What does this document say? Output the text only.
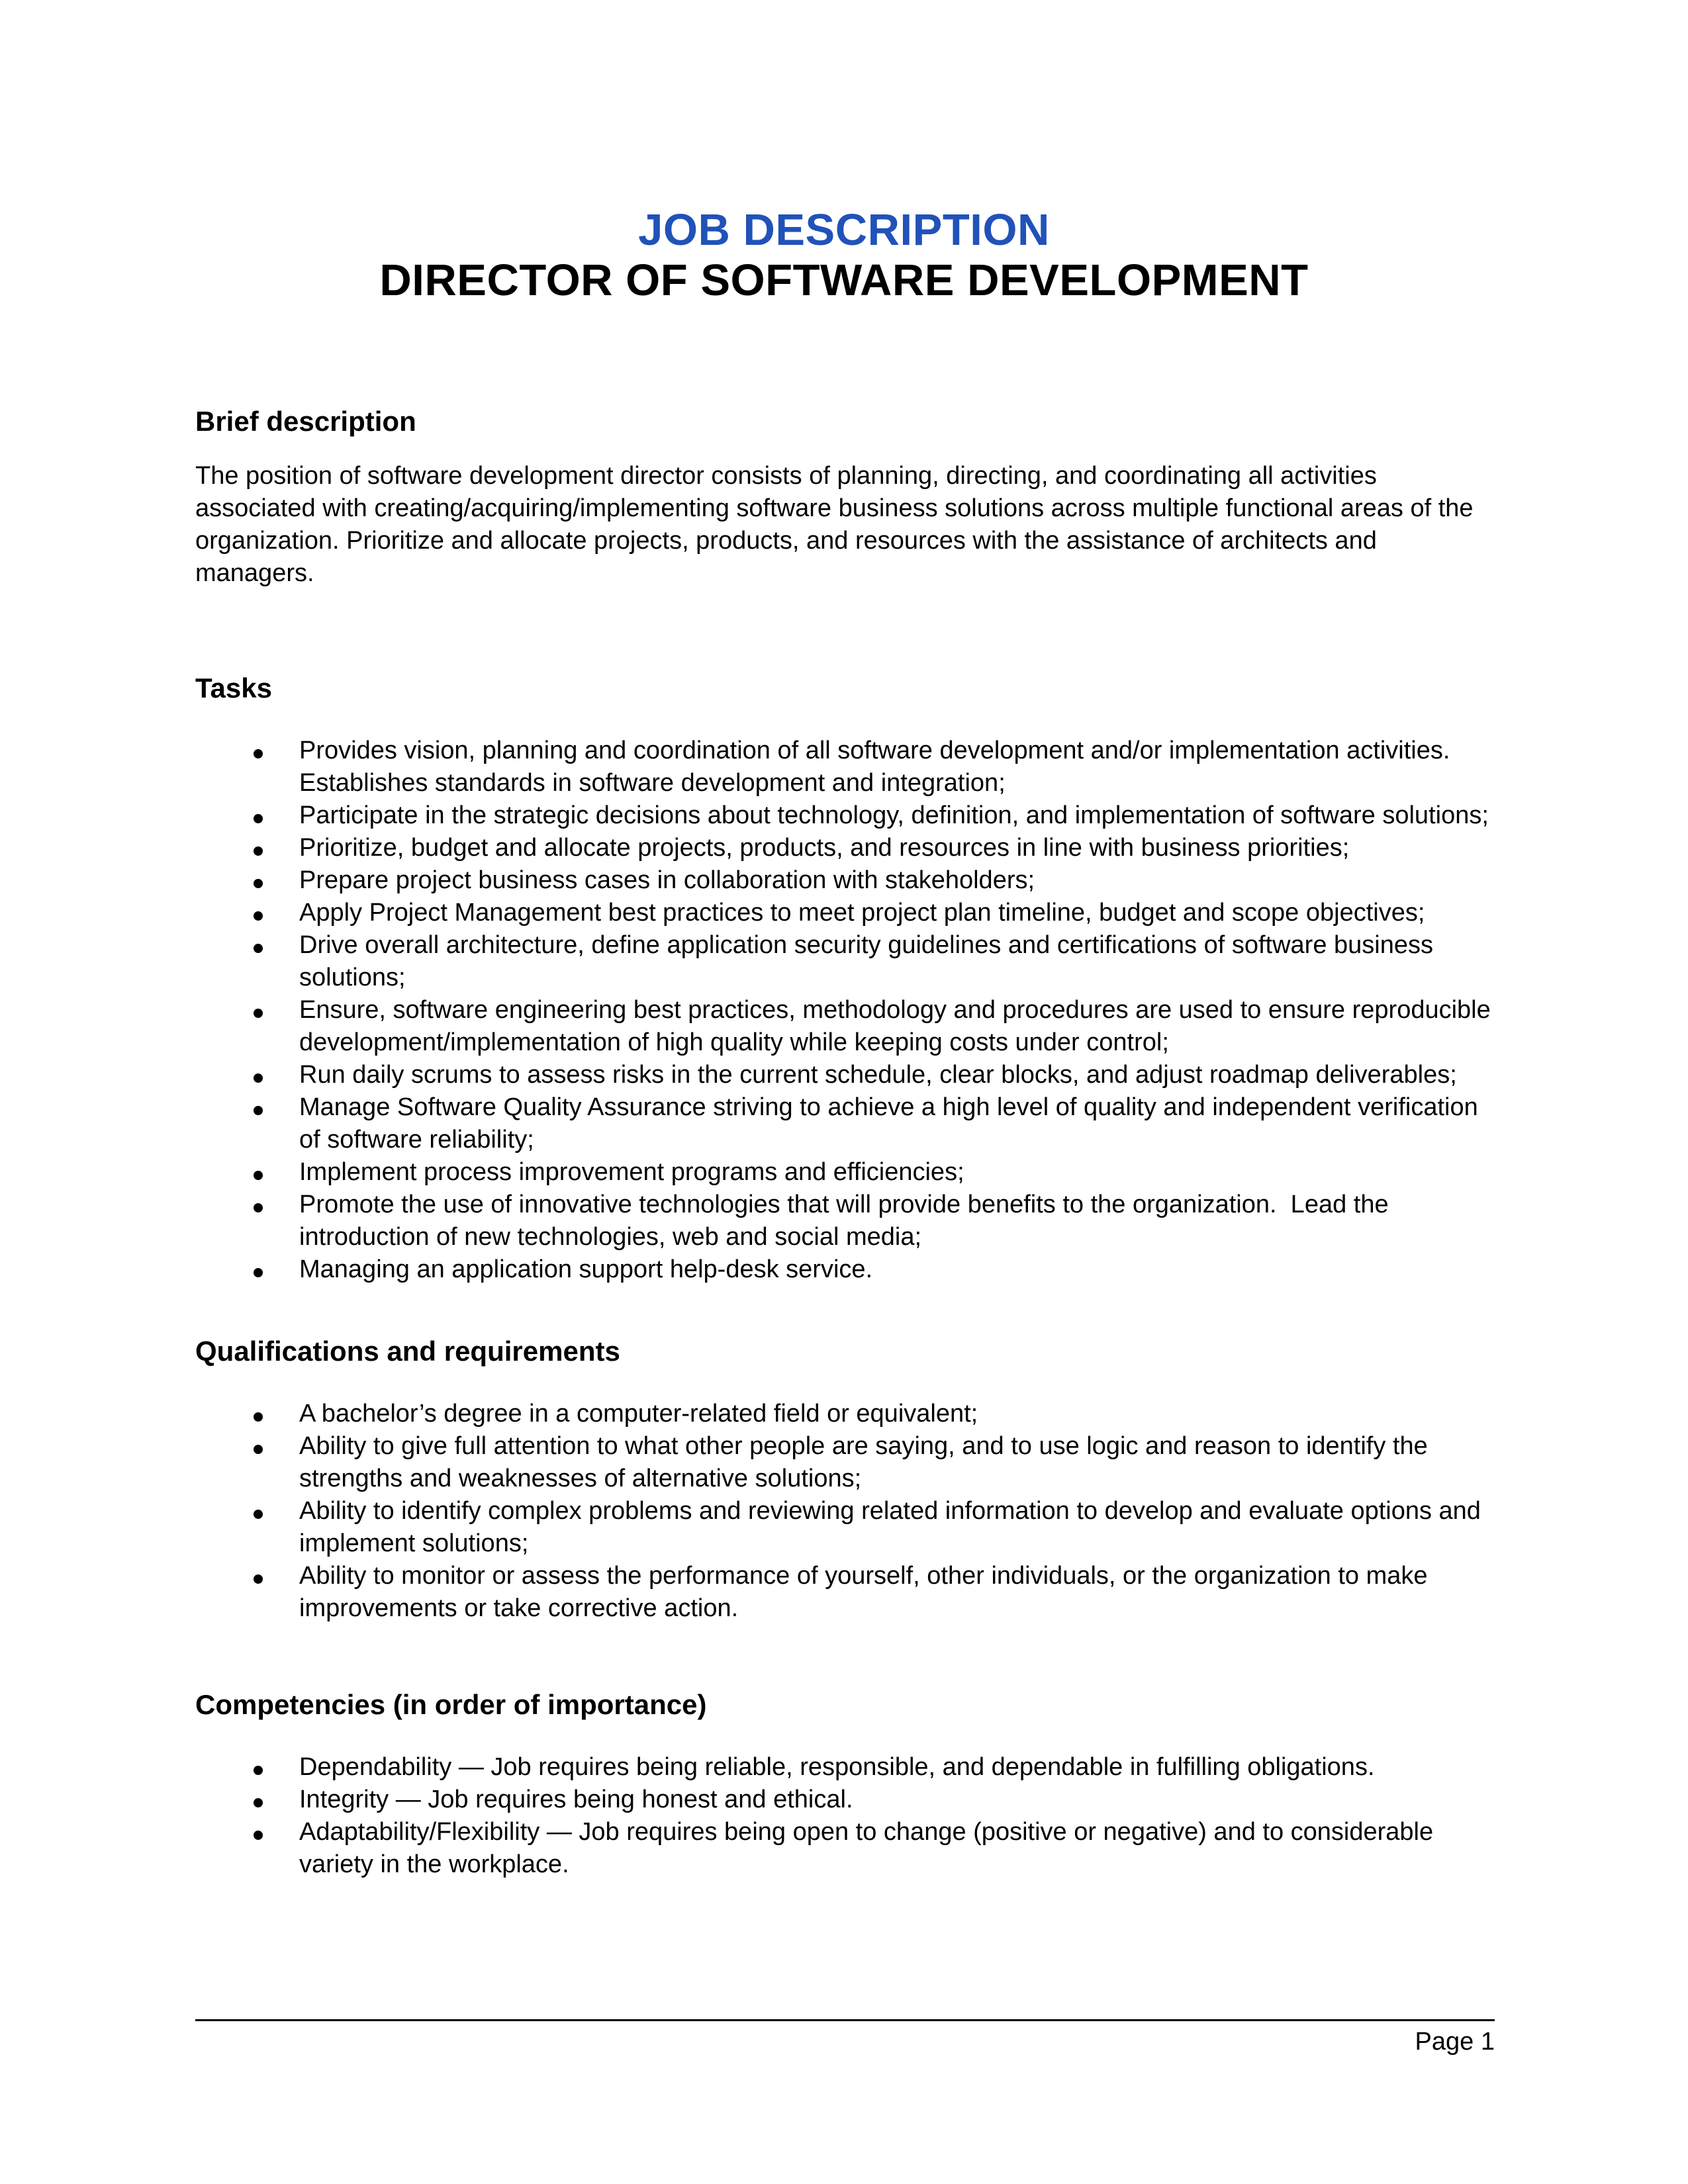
JOB DESCRIPTION
DIRECTOR OF SOFTWARE DEVELOPMENT
Brief description

The position of software development director consists of planning, directing, and coordinating all activities associated with creating/acquiring/implementing software business solutions across multiple functional areas of the organization. Prioritize and allocate projects, products, and resources with the assistance of architects and managers.

Tasks
Provides vision, planning and coordination of all software development and/or implementation activities.  Establishes standards in software development and integration;
Participate in the strategic decisions about technology, definition, and implementation of software solutions;
Prioritize, budget and allocate projects, products, and resources in line with business priorities;
Prepare project business cases in collaboration with stakeholders;
Apply Project Management best practices to meet project plan timeline, budget and scope objectives;
Drive overall architecture, define application security guidelines and certifications of software business solutions;
Ensure, software engineering best practices, methodology and procedures are used to ensure reproducible development/implementation of high quality while keeping costs under control;
Run daily scrums to assess risks in the current schedule, clear blocks, and adjust roadmap deliverables;
Manage Software Quality Assurance striving to achieve a high level of quality and independent verification of software reliability;
Implement process improvement programs and efficiencies;
Promote the use of innovative technologies that will provide benefits to the organization.  Lead the introduction of new technologies, web and social media;
Managing an application support help-desk service.
Qualifications and requirements
A bachelor’s degree in a computer-related field or equivalent;
Ability to give full attention to what other people are saying, and to use logic and reason to identify the strengths and weaknesses of alternative solutions;
Ability to identify complex problems and reviewing related information to develop and evaluate options and implement solutions;
Ability to monitor or assess the performance of yourself, other individuals, or the organization to make improvements or take corrective action.
Competencies (in order of importance)
Dependability — Job requires being reliable, responsible, and dependable in fulfilling obligations.
Integrity — Job requires being honest and ethical.
Adaptability/Flexibility — Job requires being open to change (positive or negative) and to considerable variety in the workplace.
Page 1
